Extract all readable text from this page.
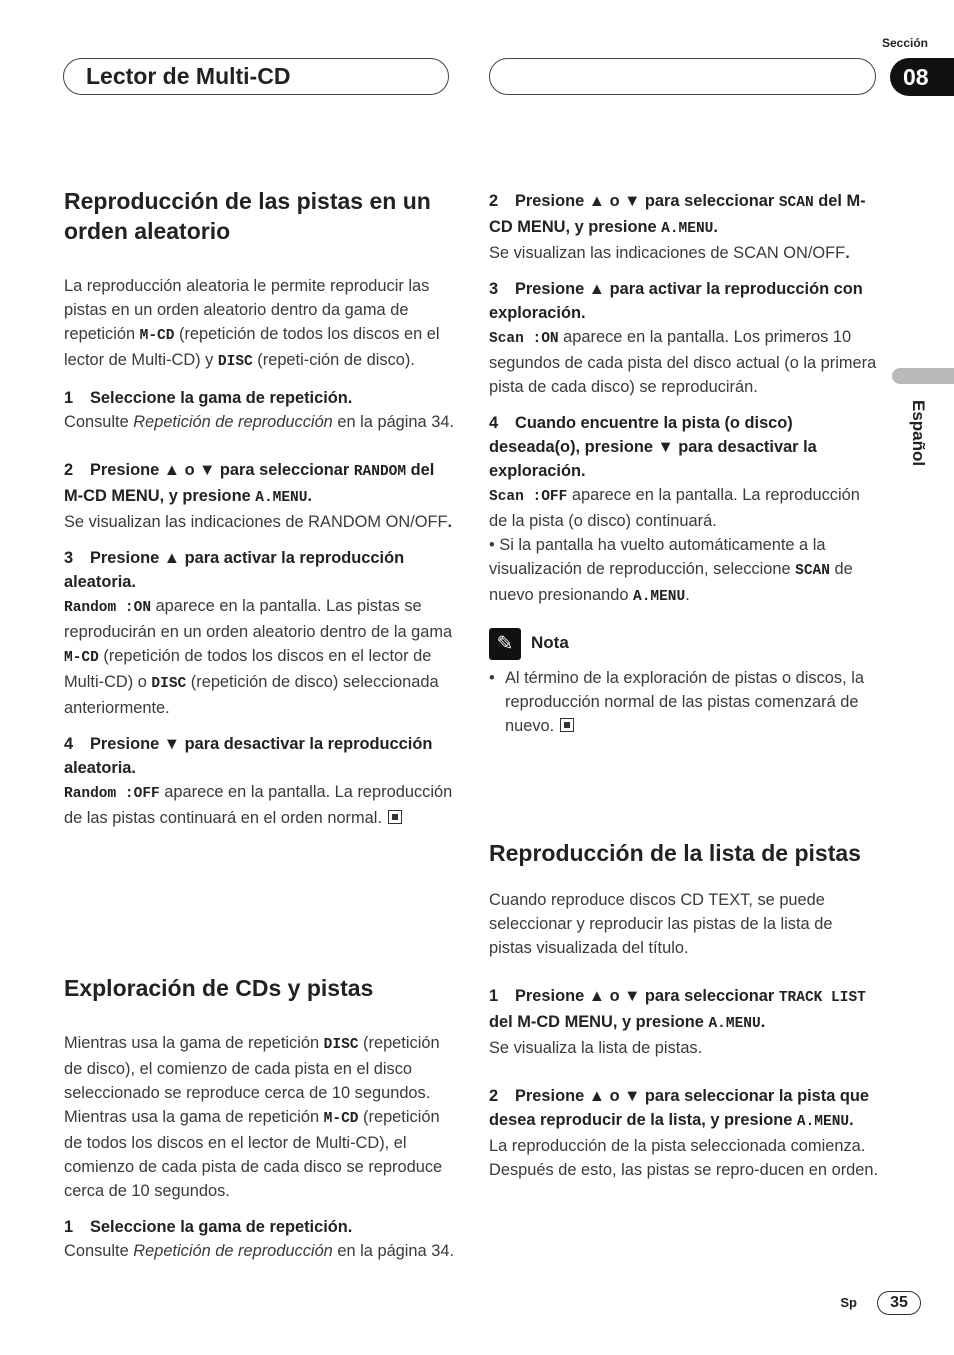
Sección
Lector de Multi-CD	08
Español
Reproducción de las pistas en un orden aleatorio

La reproducción aleatoria le permite reproducir las pistas en un orden aleatorio dentro da gama de repetición M-CD (repetición de todos los discos en el lector de Multi-CD) y DISC (repeti-ción de disco).

1 Seleccione la gama de repetición.

Consulte Repetición de reproducción en la página 34.

2 Presione ▲ o ▼ para seleccionar RANDOM del M-CD MENU, y presione A.MENU.

Se visualizan las indicaciones de RANDOM ON/OFF.

3 Presione ▲ para activar la reproducción aleatoria.

Random :ON aparece en la pantalla. Las pistas se reproducirán en un orden aleatorio dentro de la gama M-CD (repetición de todos los discos en el lector de Multi-CD) o DISC (repetición de disco) seleccionada anteriormente.

4 Presione ▼ para desactivar la reproducción aleatoria.

Random :OFF aparece en la pantalla. La reproducción de las pistas continuará en el orden normal.

Exploración de CDs y pistas

Mientras usa la gama de repetición DISC (repetición de disco), el comienzo de cada pista en el disco seleccionado se reproduce cerca de 10 segundos. Mientras usa la gama de repetición M-CD (repetición de todos los discos en el lector de Multi-CD), el comienzo de cada pista de cada disco se reproduce cerca de 10 segundos.

1 Seleccione la gama de repetición.

Consulte Repetición de reproducción en la página 34.

2 Presione ▲ o ▼ para seleccionar SCAN del M-CD MENU, y presione A.MENU.

Se visualizan las indicaciones de SCAN ON/OFF.

3 Presione ▲ para activar la reproducción con exploración.

Scan :ON aparece en la pantalla. Los primeros 10 segundos de cada pista del disco actual (o la primera pista de cada disco) se reproducirán.

4 Cuando encuentre la pista (o disco) deseada(o), presione ▼ para desactivar la exploración.

Scan :OFF aparece en la pantalla. La reproducción de la pista (o disco) continuará.

• Si la pantalla ha vuelto automáticamente a la visualización de reproducción, seleccione SCAN de nuevo presionando A.MENU.

✎ Nota

• Al término de la exploración de pistas o discos, la reproducción normal de las pistas comenzará de nuevo.

Reproducción de la lista de pistas

Cuando reproduce discos CD TEXT, se puede seleccionar y reproducir las pistas de la lista de pistas visualizada del título.

1 Presione ▲ o ▼ para seleccionar TRACK LIST del M-CD MENU, y presione A.MENU.

Se visualiza la lista de pistas.

2 Presione ▲ o ▼ para seleccionar la pista que desea reproducir de la lista, y presione A.MENU.

La reproducción de la pista seleccionada comienza. Después de esto, las pistas se repro-ducen en orden.

Sp	35
